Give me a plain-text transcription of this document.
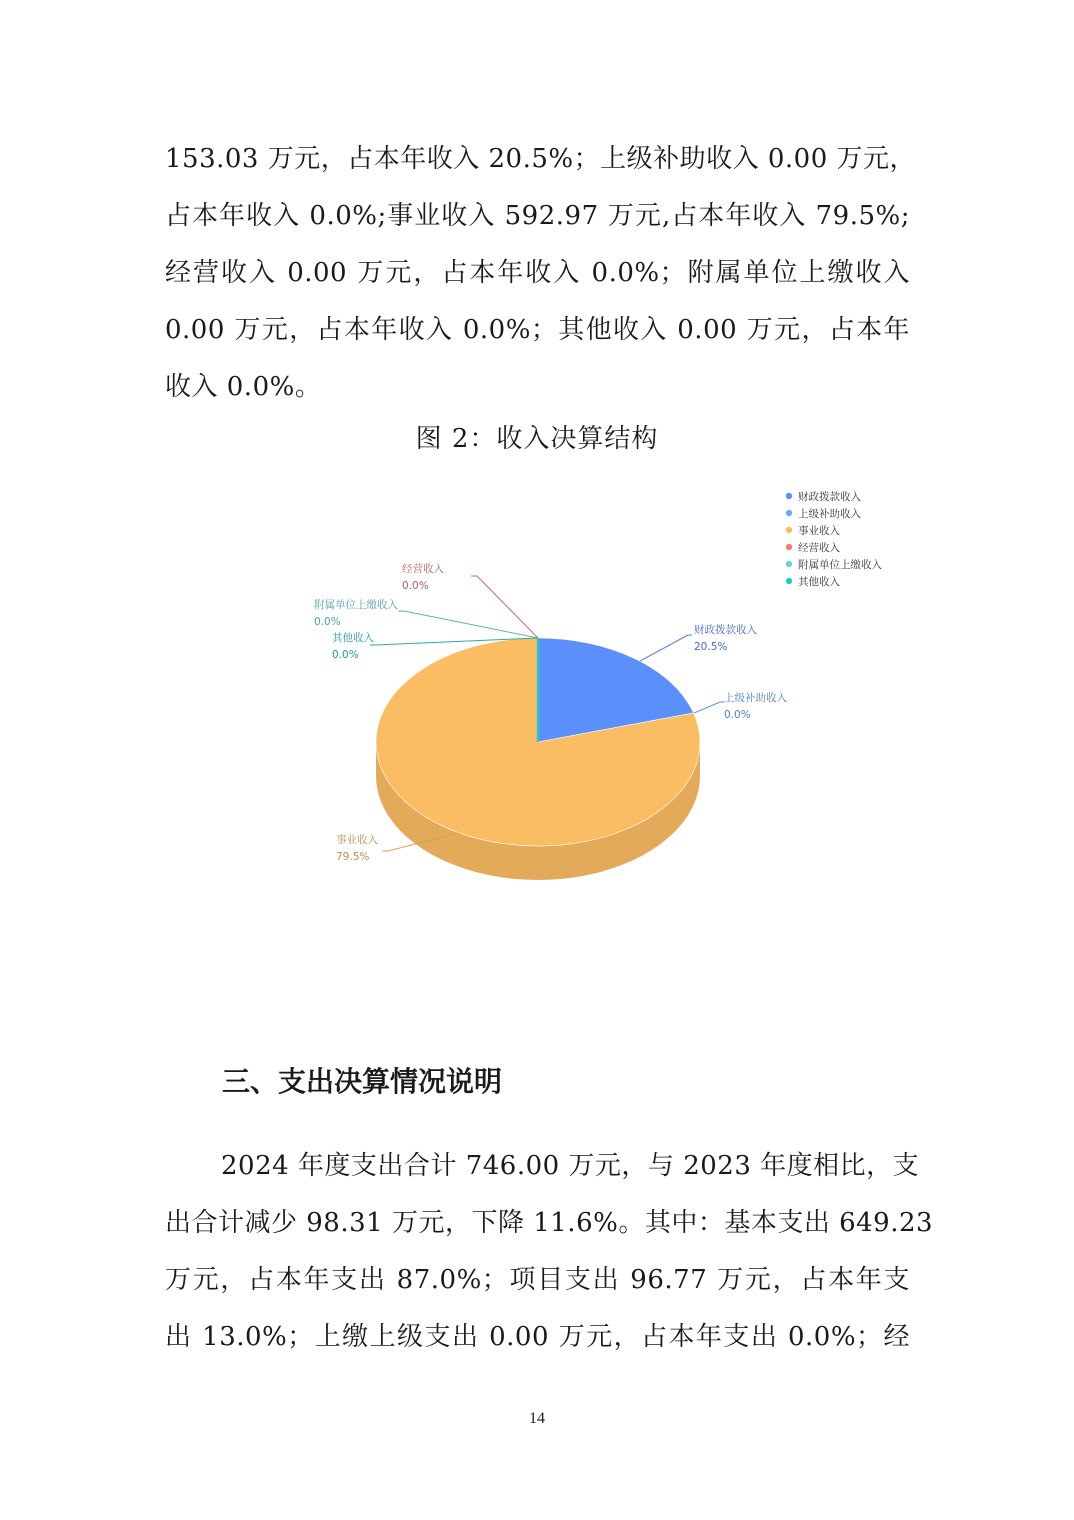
153.03 万元，占本年收入 20.5%；上级补助收入 0.00 万元，
占本年收入 0.0%;事业收入 592.97 万元,占本年收入 79.5%;
经营收入 0.00 万元，占本年收入 0.0%；附属单位上缴收入
0.00 万元，占本年收入 0.0%；其他收入 0.00 万元，占本年
收入 0.0%。
图 2：收入决算结构
财政拨款收入
20.5%
上级补助收入
0.0%
事业收入
79.5%
经营收入
0.0%
附属单位上缴收入
0.0%
其他收入
0.0%
财政拨款收入
上级补助收入
事业收入
经营收入
附属单位上缴收入
其他收入
三、支出决算情况说明
2024 年度支出合计 746.00 万元，与 2023 年度相比，支
出合计减少 98.31 万元，下降 11.6%。其中：基本支出 649.23
万元，占本年支出 87.0%；项目支出 96.77 万元，占本年支
出 13.0%；上缴上级支出 0.00 万元，占本年支出 0.0%；经
14
